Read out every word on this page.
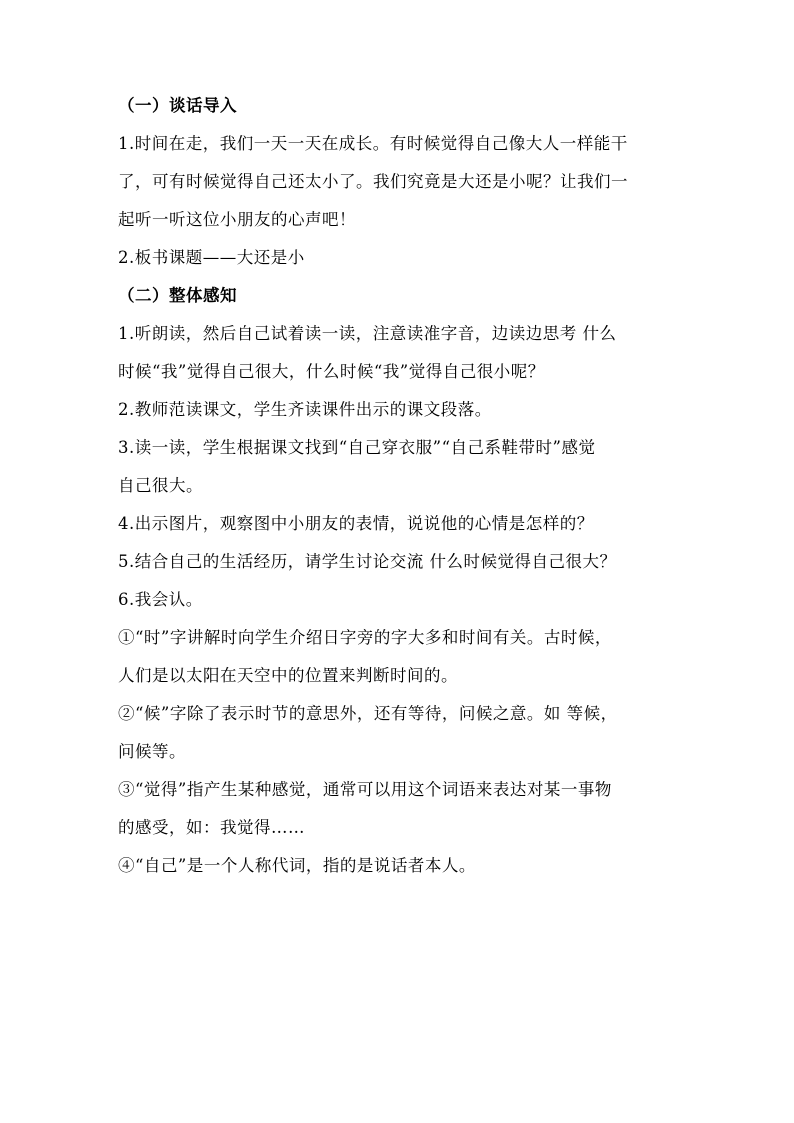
（一）谈话导入
1.时间在走，我们一天一天在成长。有时候觉得自己像大人一样能干
了，可有时候觉得自己还太小了。我们究竟是大还是小呢？让我们一
起听一听这位小朋友的心声吧！
2.板书课题——大还是小
（二）整体感知
1.听朗读，然后自己试着读一读，注意读准字音，边读边思考 什么
时候“我”觉得自己很大，什么时候“我”觉得自己很小呢？
2.教师范读课文，学生齐读课件出示的课文段落。
3.读一读，学生根据课文找到“自己穿衣服”“自己系鞋带时”感觉
自己很大。
4.出示图片，观察图中小朋友的表情，说说他的心情是怎样的？
5.结合自己的生活经历，请学生讨论交流 什么时候觉得自己很大？
6.我会认。
①“时”字讲解时向学生介绍日字旁的字大多和时间有关。古时候，
人们是以太阳在天空中的位置来判断时间的。
②“候”字除了表示时节的意思外，还有等待，问候之意。如 等候，
问候等。
③“觉得”指产生某种感觉，通常可以用这个词语来表达对某一事物
的感受，如：我觉得……
④“自己”是一个人称代词，指的是说话者本人。
